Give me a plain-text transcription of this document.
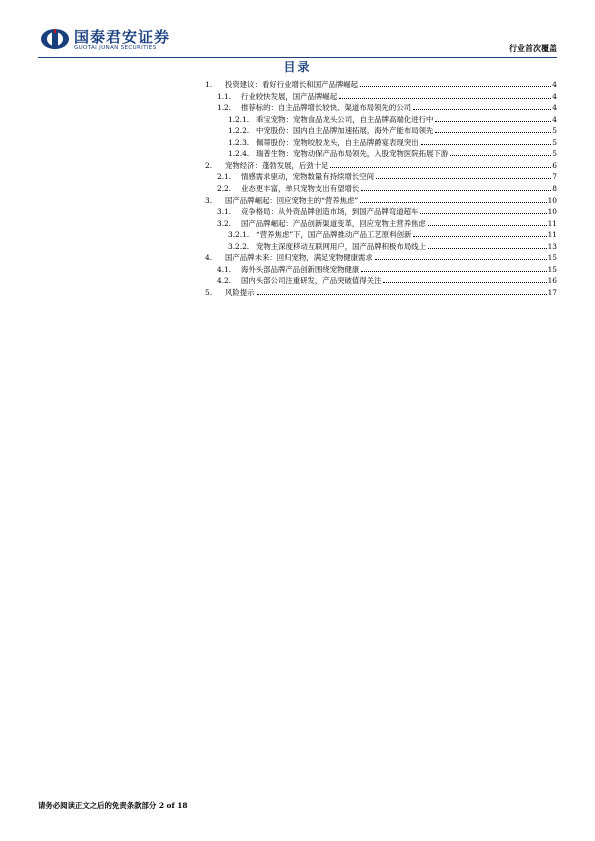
国泰君安证券
GUOTAI JUNAN SECURITIES	行业首次覆盖
目录
1.	投资建议：看好行业增长和国产品牌崛起	4
1.1.	行业较快发展，国产品牌崛起	4
1.2.	推荐标的：自主品牌增长较快、渠道布局领先的公司	4
1.2.1. 乖宝宠物：宠物食品龙头公司，自主品牌高端化进行中	4
1.2.2. 中宠股份：国内自主品牌加速拓展，海外产能布局领先	5
1.2.3. 佩蒂股份：宠物咬胶龙头，自主品牌爵宴表现突出	5
1.2.4. 瑞普生物：宠物动保产品布局领先，入股宠物医院拓展下游	5
2.	宠物经济：蓬勃发展，后劲十足	6
2.1.	情感需求驱动，宠物数量有持续增长空间	7
2.2.	业态更丰富，单只宠物支出有望增长	8
3.	国产品牌崛起：回应宠物主的“营养焦虑”	10
3.1.	竞争格局：从外资品牌创造市场，到国产品牌弯道超车	10
3.2.	国产品牌崛起：产品创新渠道变革，回应宠物主营养焦虑	11
3.2.1. “营养焦虑”下，国产品牌推动产品工艺原料创新	11
3.2.2. 宠物主深度移动互联网用户，国产品牌积极布局线上	13
4.	国产品牌未来：回归宠物，满足宠物健康需求	15
4.1.	海外头部品牌产品创新围绕宠物健康	15
4.2.	国内头部公司注重研发，产品突破值得关注	16
5.	风险提示	17
请务必阅读正文之后的免责条款部分 2 of 18
